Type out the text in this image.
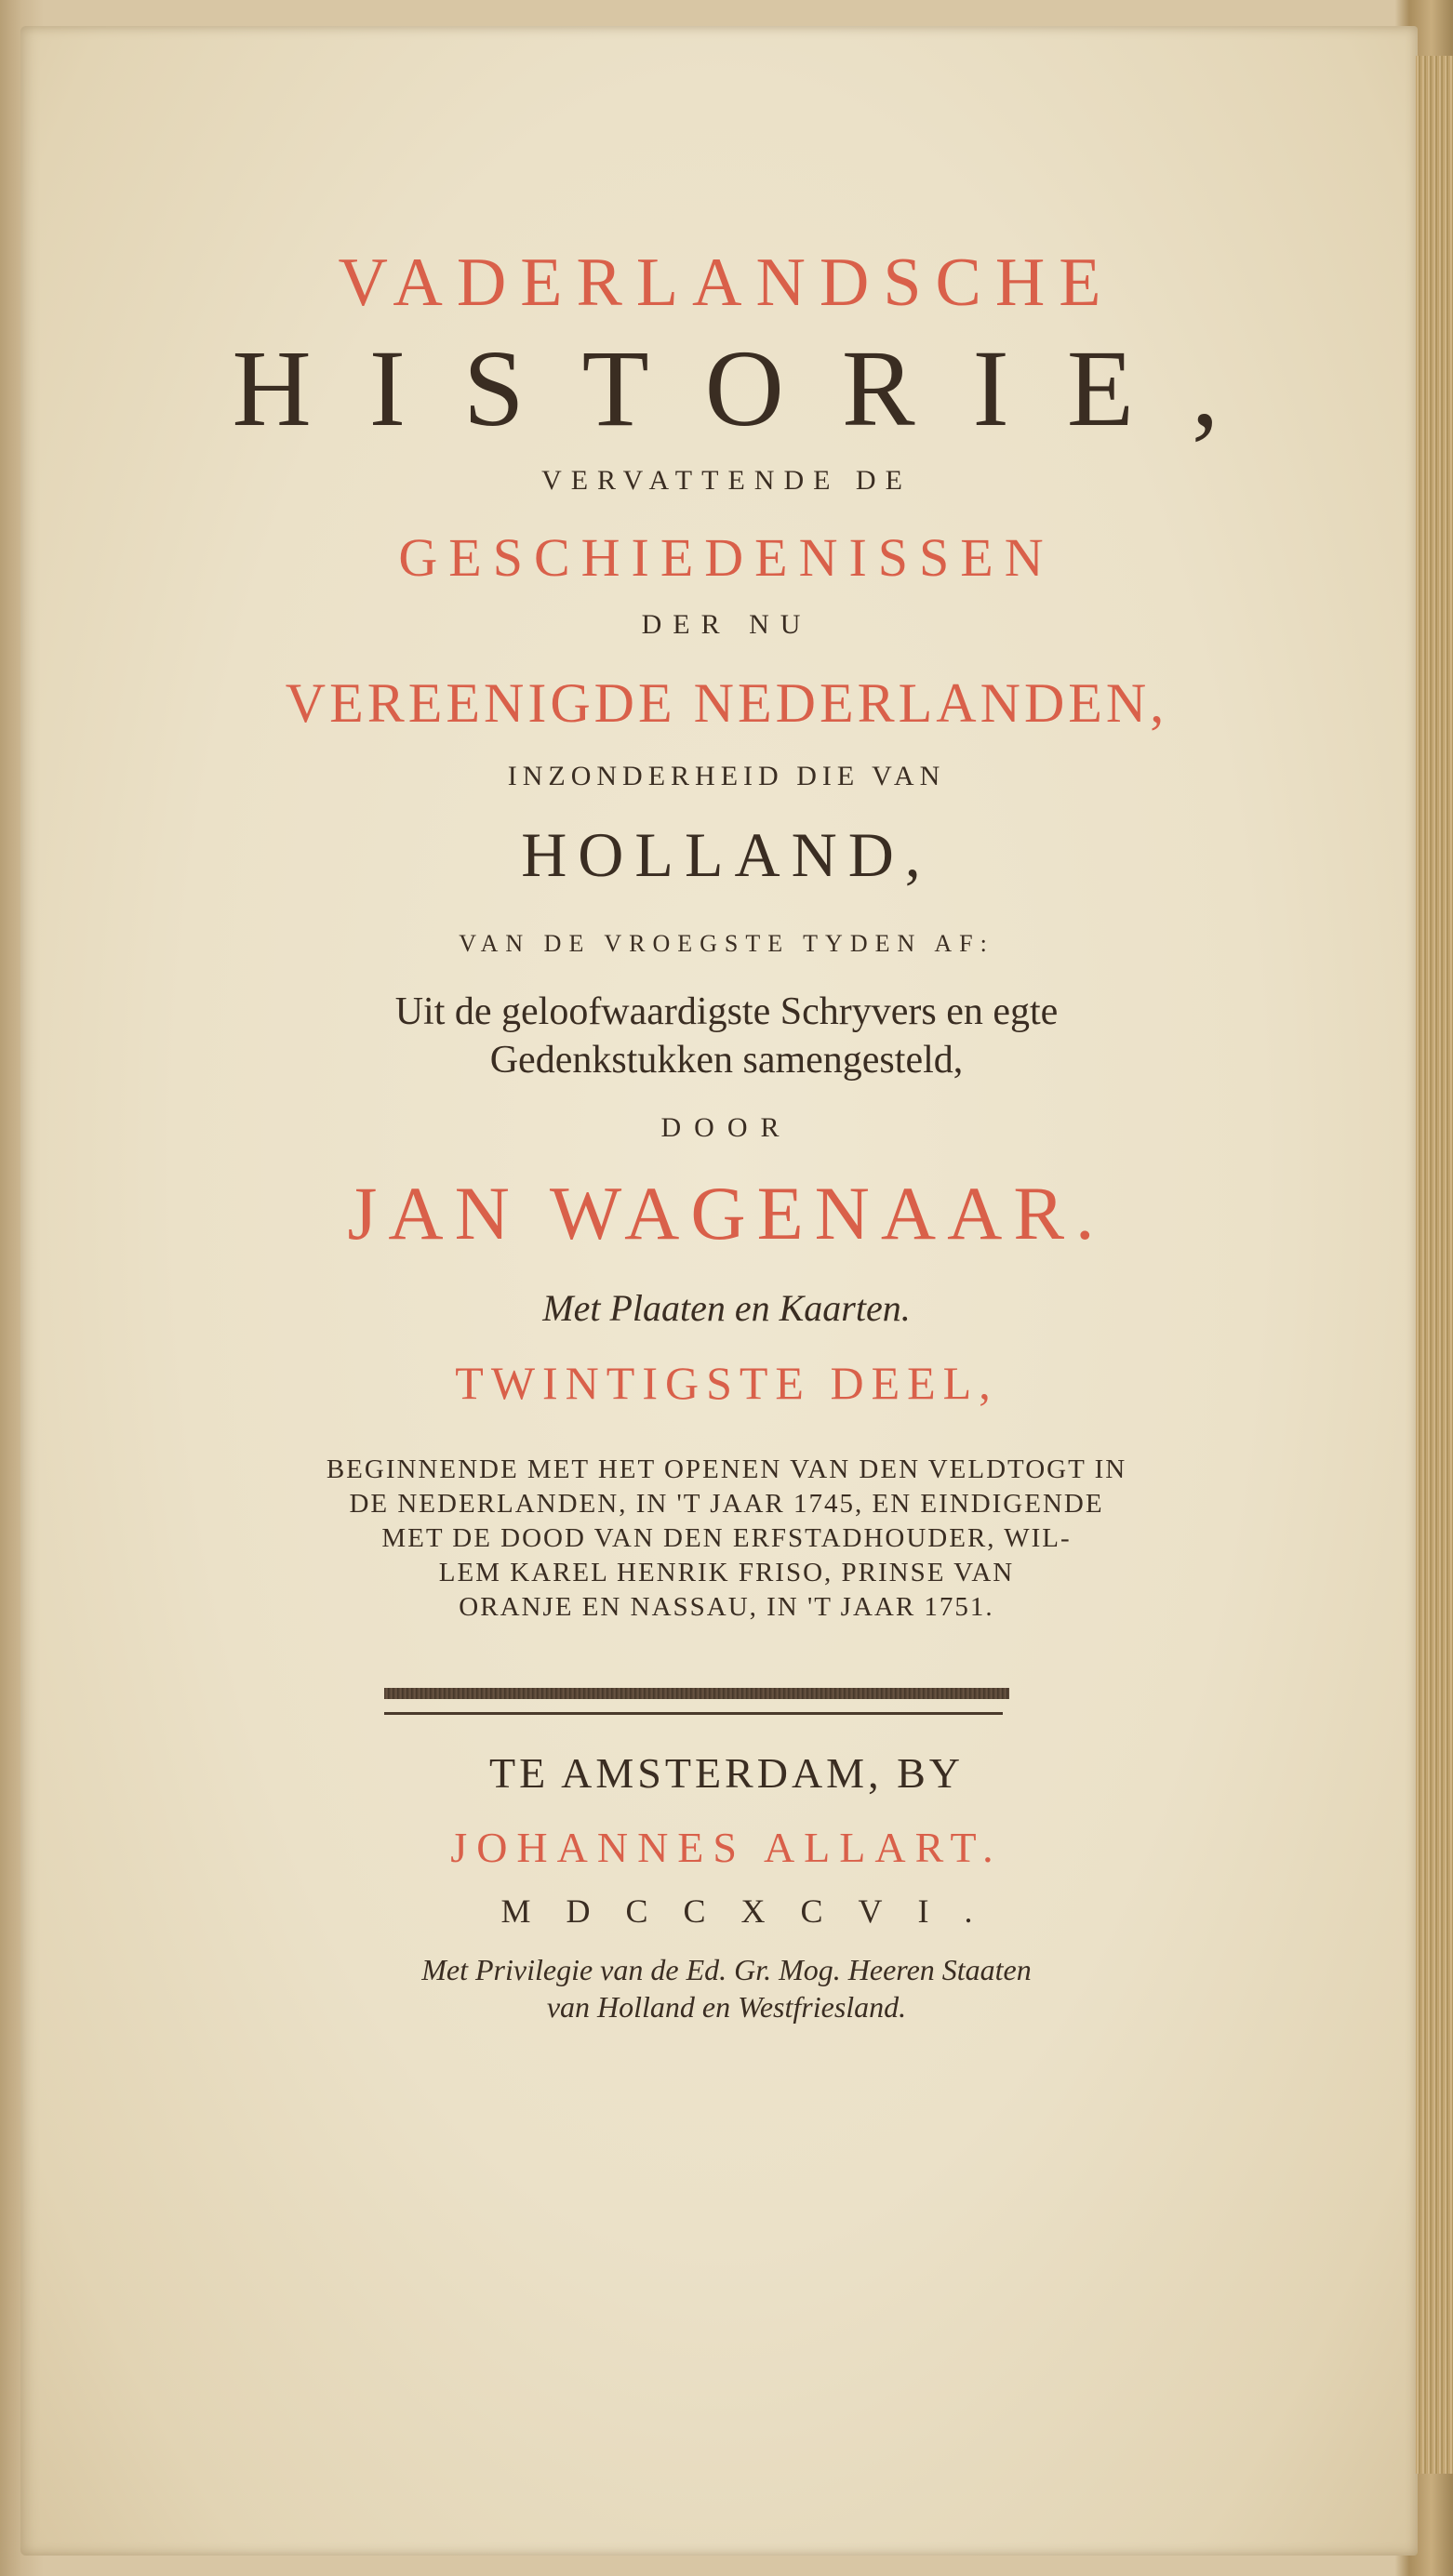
VADERLANDSCHE
HISTORIE,
VERVATTENDE DE
GESCHIEDENISSEN
DER NU
VEREENIGDE NEDERLANDEN,
INZONDERHEID DIE VAN
HOLLAND,
VAN DE VROEGSTE TYDEN AF:
Uit de geloofwaardigste Schryvers en egte
Gedenkstukken samengesteld,
DOOR
JAN WAGENAAR.
Met Plaaten en Kaarten.
TWINTIGSTE DEEL,
BEGINNENDE MET HET OPENEN VAN DEN VELDTOGT IN
DE NEDERLANDEN, IN 'T JAAR 1745, EN EINDIGENDE
MET DE DOOD VAN DEN ERFSTADHOUDER, WIL-
LEM KAREL HENRIK FRISO, PRINSE VAN
ORANJE EN NASSAU, IN 'T JAAR 1751.
TE AMSTERDAM, BY
JOHANNES ALLART.
MDCCXCVI.
Met Privilegie van de Ed. Gr. Mog. Heeren Staaten
van Holland en Westfriesland.
